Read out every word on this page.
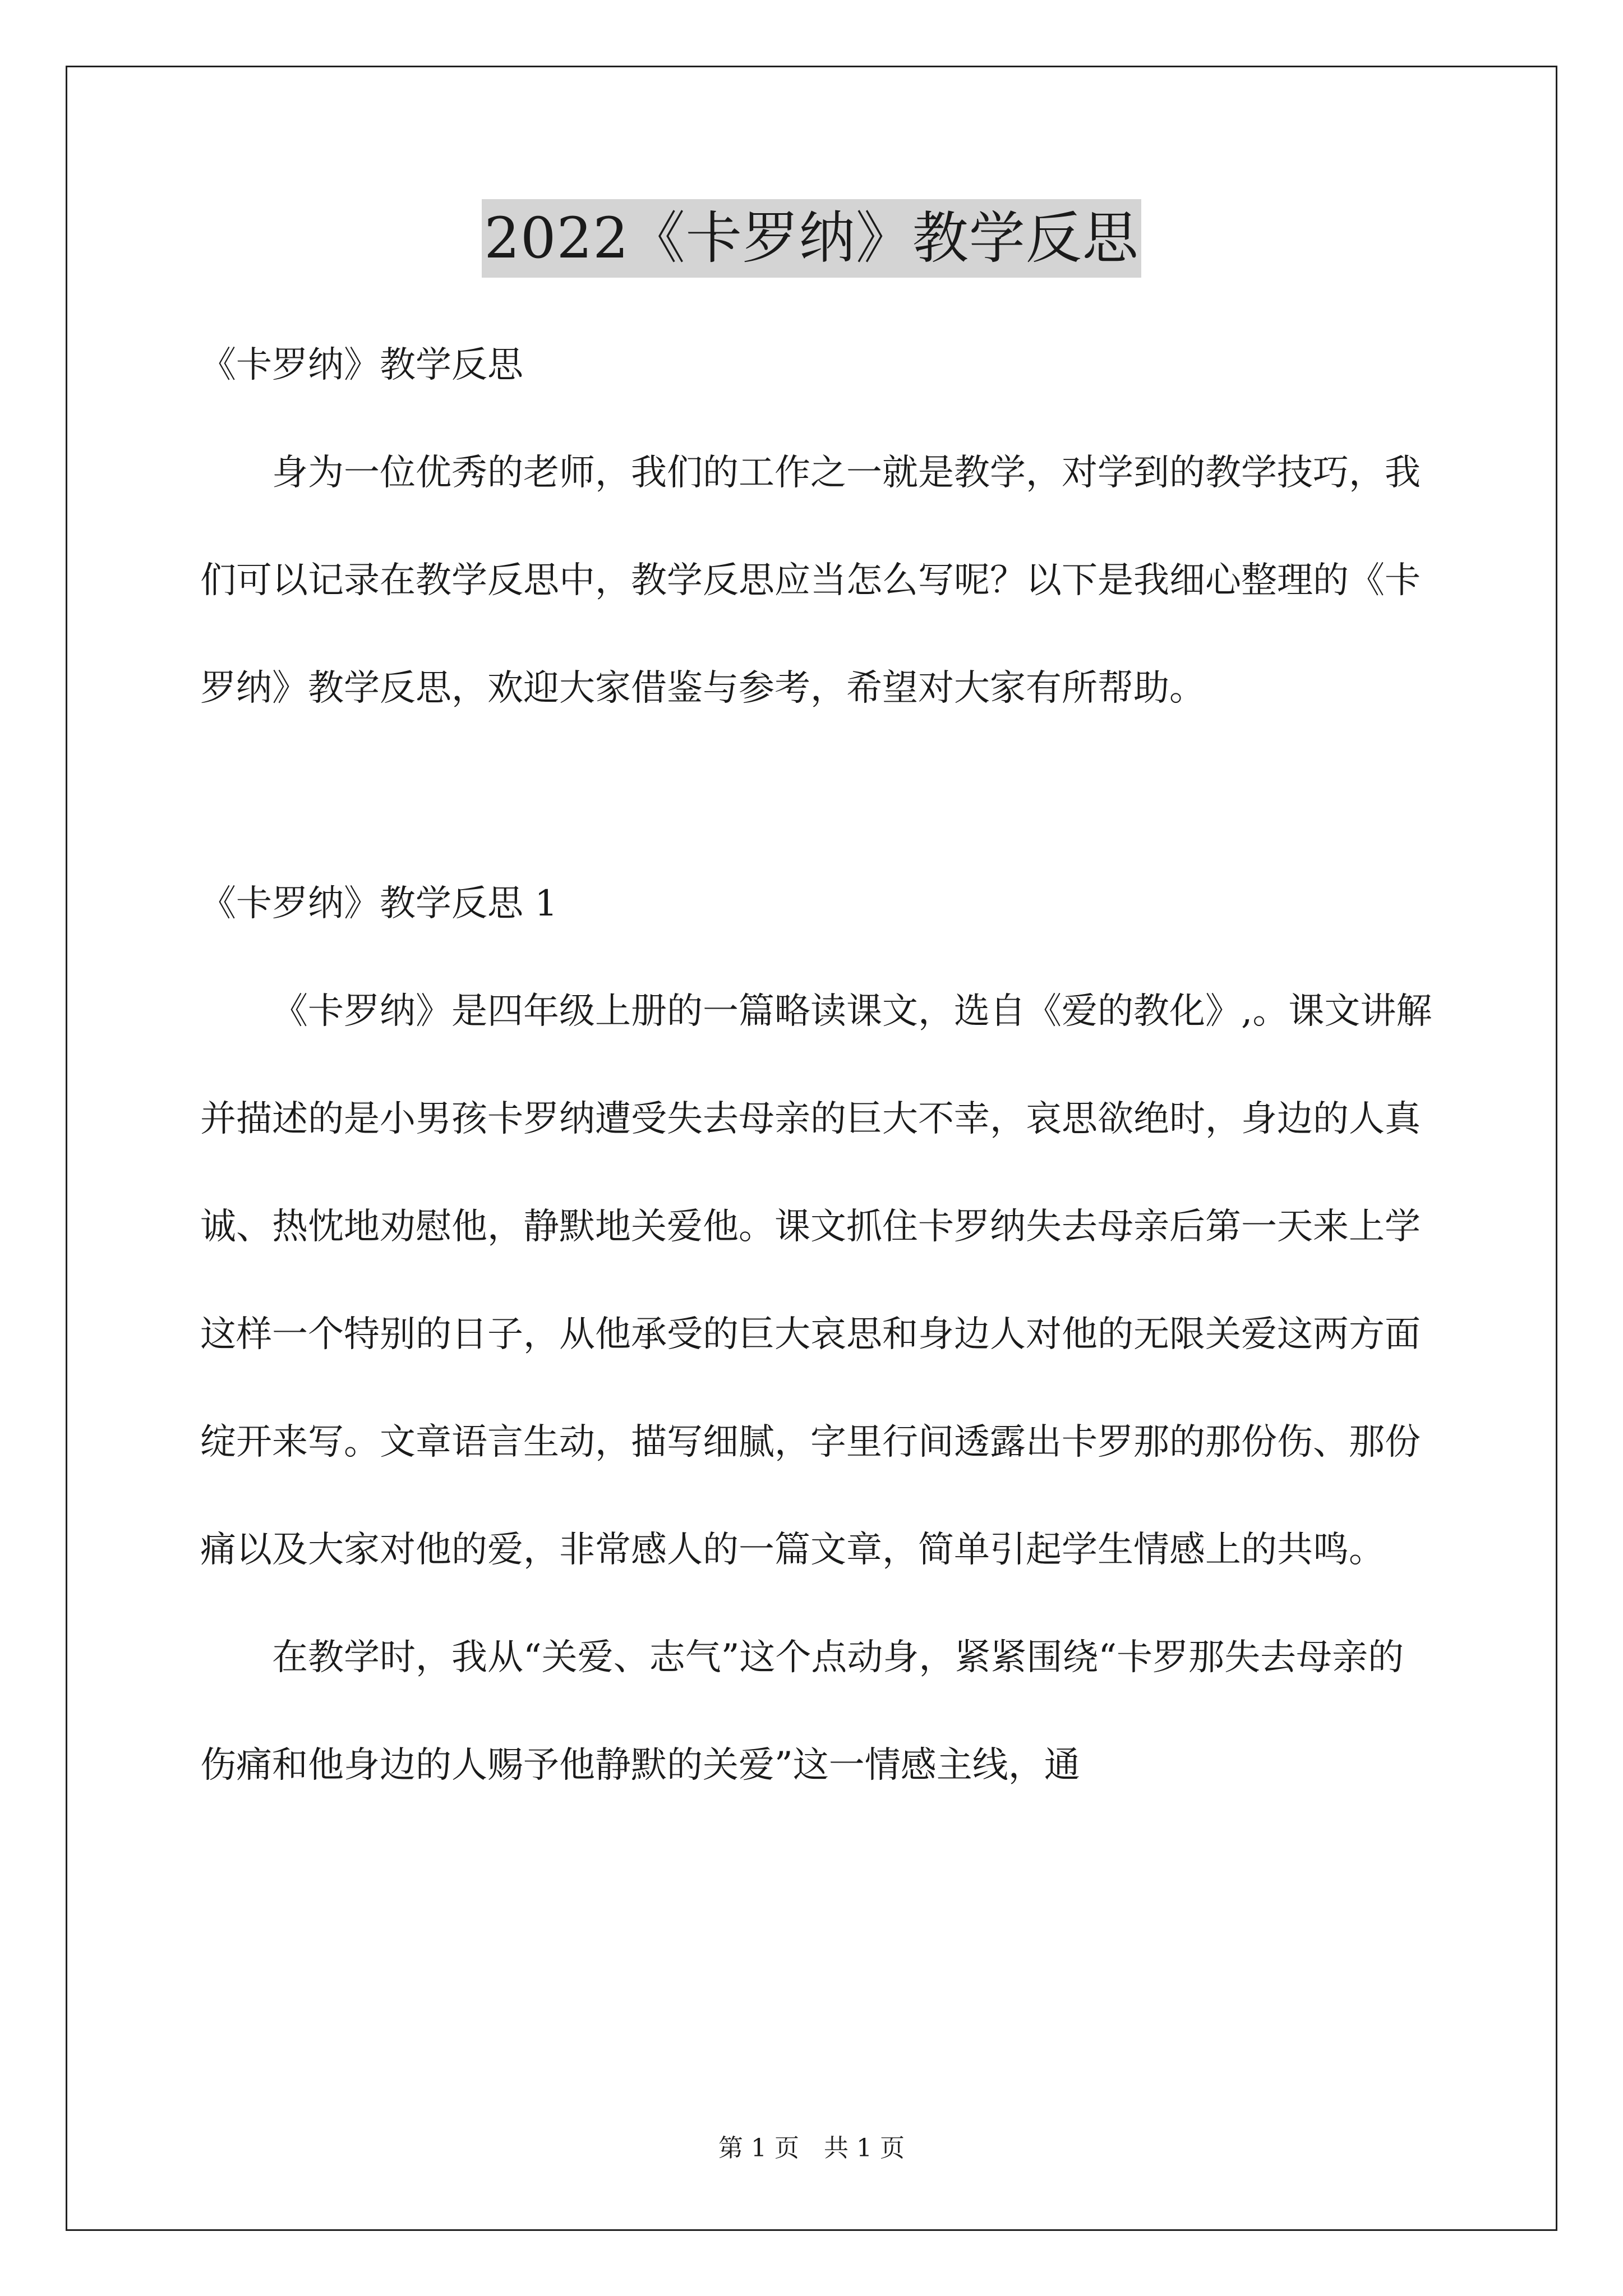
2022《卡罗纳》教学反思

《卡罗纳》教学反思

身为一位优秀的老师，我们的工作之一就是教学，对学到的教学技巧，我们可以记录在教学反思中，教学反思应当怎么写呢？以下是我细心整理的《卡罗纳》教学反思，欢迎大家借鉴与参考，希望对大家有所帮助。

《卡罗纳》教学反思 1

《卡罗纳》是四年级上册的一篇略读课文，选自《爱的教化》,。课文讲解并描述的是小男孩卡罗纳遭受失去母亲的巨大不幸，哀思欲绝时，身边的人真诚、热忱地劝慰他，静默地关爱他。课文抓住卡罗纳失去母亲后第一天来上学这样一个特别的日子，从他承受的巨大哀思和身边人对他的无限关爱这两方面绽开来写。文章语言生动，描写细腻，字里行间透露出卡罗那的那份伤、那份痛以及大家对他的爱，非常感人的一篇文章，简单引起学生情感上的共鸣。

在教学时，我从“关爱、志气”这个点动身，紧紧围绕“卡罗那失去母亲的伤痛和他身边的人赐予他静默的关爱”这一情感主线，通

第 1 页　共 1 页
